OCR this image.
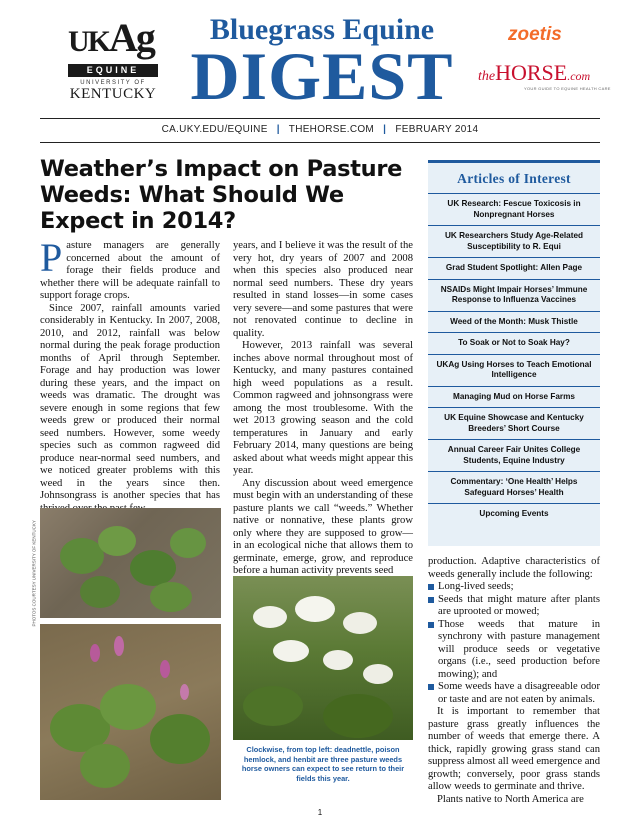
UKAg
EQUINE
UNIVERSITY OF
KENTUCKY
Bluegrass Equine
DIGEST
zoetis
theHORSE.com
YOUR GUIDE TO EQUINE HEALTH CARE
CA.UKY.EDU/EQUINE | THEHORSE.COM | FEBRUARY 2014
Weather’s Impact on Pasture Weeds: What Should We Expect in 2014?
P asture managers are generally concerned about the amount of forage their fields produce and whether there will be adequate rainfall to support forage crops.

Since 2007, rainfall amounts varied considerably in Kentucky. In 2007, 2008, 2010, and 2012, rainfall was below normal during the peak forage production months of April through September. Forage and hay production was lower during these years, and the impact on weeds was dramatic. The drought was severe enough in some regions that few weeds grew or produced their normal seed numbers. However, some weedy species such as common ragweed did produce near-normal seed numbers, and we noticed greater problems with this weed in the years since then. Johnsongrass is another species that has

years, and I believe it was the result of the very hot, dry years of 2007 and 2008 when this species also produced near normal seed numbers. These dry years resulted in stand losses—in some cases very severe—and some pastures that were not renovated continue to decline in quality.

However, 2013 rainfall was several inches above normal throughout most of Kentucky, and many pastures contained high weed populations as a result. Common ragweed and johnsongrass were among the most troublesome. With the wet 2013 growing season and the cold temperatures in January and early February 2014, many questions are being asked about what weeds might appear this year.

Any discussion about weed emergence must begin with an understanding of these pasture plants we call “weeds.” Whether native or nonnative, these plants grow only where they are supposed to grow—in an ecological niche that allows them to germinate, emerge, grow, and reproduce before a human activity prevents seed

PHOTOS COURTESY UNIVERSITY OF KENTUCKY
Clockwise, from top left: deadnettle, poison hemlock, and henbit are three pasture weeds horse owners can expect to see return to their fields this year.
Articles of Interest
UK Research: Fescue Toxicosis in Nonpregnant Horses
UK Researchers Study Age-Related Susceptibility to R. Equi
Grad Student Spotlight: Allen Page
NSAIDs Might Impair Horses’ Immune Response to Influenza Vaccines
Weed of the Month: Musk Thistle
To Soak or Not to Soak Hay?
UKAg Using Horses to Teach Emotional Intelligence
Managing Mud on Horse Farms
UK Equine Showcase and Kentucky Breeders’ Short Course
Annual Career Fair Unites College Students, Equine Industry
Commentary: ‘One Health’ Helps Safeguard Horses’ Health
Upcoming Events

production. Adaptive characteristics of weeds generally include the following:

Long-lived seeds;
Seeds that might mature after plants are uprooted or mowed;
Those weeds that mature in synchrony with pasture management will produce seeds or vegetative organs (i.e., seed production before mowing); and
Some weeds have a disagreeable odor or taste and are not eaten by animals.

It is important to remember that pasture grass greatly influences the number of weeds that emerge there. A thick, rapidly growing grass stand can suppress almost all weed emergence and growth; conversely, poor grass stands allow weeds to germinate and thrive.

Plants native to North America are

1
